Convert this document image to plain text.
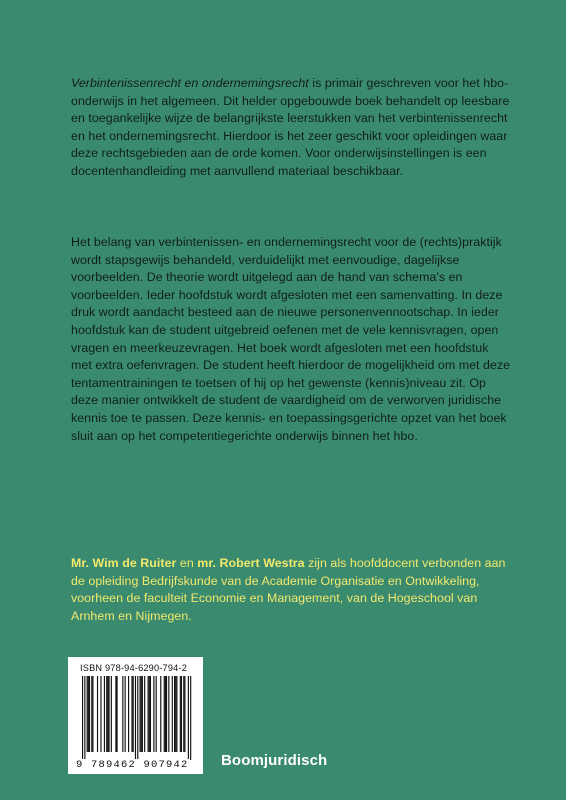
Verbintenissenrecht en ondernemingsrecht is primair geschreven voor het hbo-onderwijs in het algemeen. Dit helder opgebouwde boek behandelt op leesbare en toegankelijke wijze de belangrijkste leerstukken van het verbintenissenrecht en het ondernemingsrecht. Hierdoor is het zeer geschikt voor opleidingen waar deze rechtsgebieden aan de orde komen. Voor onderwijsinstellingen is een docentenhandleiding met aanvullend materiaal beschikbaar.
Het belang van verbintenissen- en ondernemingsrecht voor de (rechts)praktijk wordt stapsgewijs behandeld, verduidelijkt met eenvoudige, dagelijkse voorbeelden. De theorie wordt uitgelegd aan de hand van schema's en voorbeelden. Ieder hoofdstuk wordt afgesloten met een samenvatting. In deze druk wordt aandacht besteed aan de nieuwe personenvennootschap. In ieder hoofdstuk kan de student uitgebreid oefenen met de vele kennisvragen, open vragen en meerkeuzevragen. Het boek wordt afgesloten met een hoofdstuk met extra oefenvragen. De student heeft hierdoor de mogelijkheid om met deze tentamentrainingen te toetsen of hij op het gewenste (kennis)niveau zit. Op deze manier ontwikkelt de student de vaardigheid om de verworven juridische kennis toe te passen. Deze kennis- en toepassingsgerichte opzet van het boek sluit aan op het competentiegerichte onderwijs binnen het hbo.
Mr. Wim de Ruiter en mr. Robert Westra zijn als hoofddocent verbonden aan de opleiding Bedrijfskunde van de Academie Organisatie en Ontwikkeling, voorheen de faculteit Economie en Management, van de Hogeschool van Arnhem en Nijmegen.
ISBN 978-94-6290-794-2
9 789462 907942 Boomjuridisch
